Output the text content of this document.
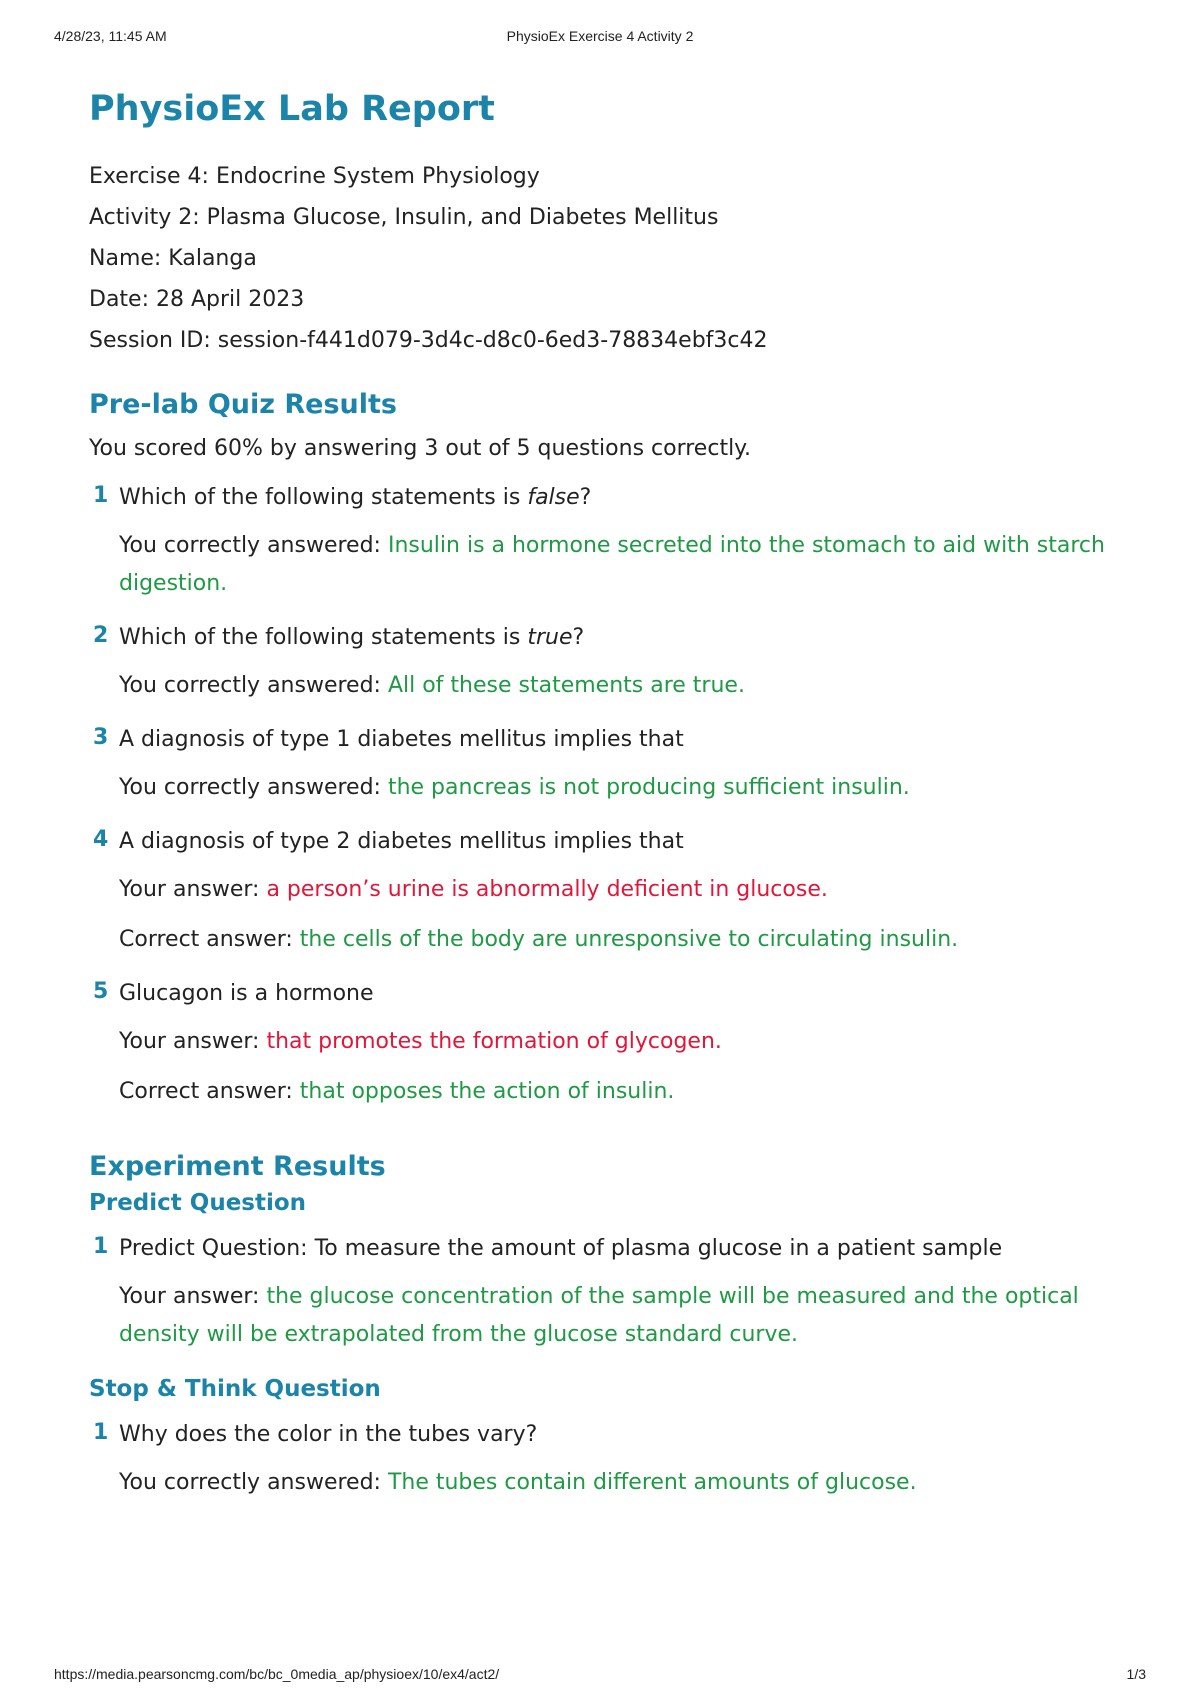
4/28/23, 11:45 AM	PhysioEx Exercise 4 Activity 2
PhysioEx Lab Report
Exercise 4: Endocrine System Physiology
Activity 2: Plasma Glucose, Insulin, and Diabetes Mellitus
Name: Kalanga
Date: 28 April 2023
Session ID: session-f441d079-3d4c-d8c0-6ed3-78834ebf3c42
Pre-lab Quiz Results
You scored 60% by answering 3 out of 5 questions correctly.
1 Which of the following statements is false?
You correctly answered: Insulin is a hormone secreted into the stomach to aid with starch digestion.
2 Which of the following statements is true?
You correctly answered: All of these statements are true.
3 A diagnosis of type 1 diabetes mellitus implies that
You correctly answered: the pancreas is not producing sufficient insulin.
4 A diagnosis of type 2 diabetes mellitus implies that
Your answer: a person’s urine is abnormally deficient in glucose.
Correct answer: the cells of the body are unresponsive to circulating insulin.
5 Glucagon is a hormone
Your answer: that promotes the formation of glycogen.
Correct answer: that opposes the action of insulin.
Experiment Results
Predict Question
1 Predict Question: To measure the amount of plasma glucose in a patient sample
Your answer: the glucose concentration of the sample will be measured and the optical density will be extrapolated from the glucose standard curve.
Stop & Think Question
1 Why does the color in the tubes vary?
You correctly answered: The tubes contain different amounts of glucose.
https://media.pearsoncmg.com/bc/bc_0media_ap/physioex/10/ex4/act2/	1/3
